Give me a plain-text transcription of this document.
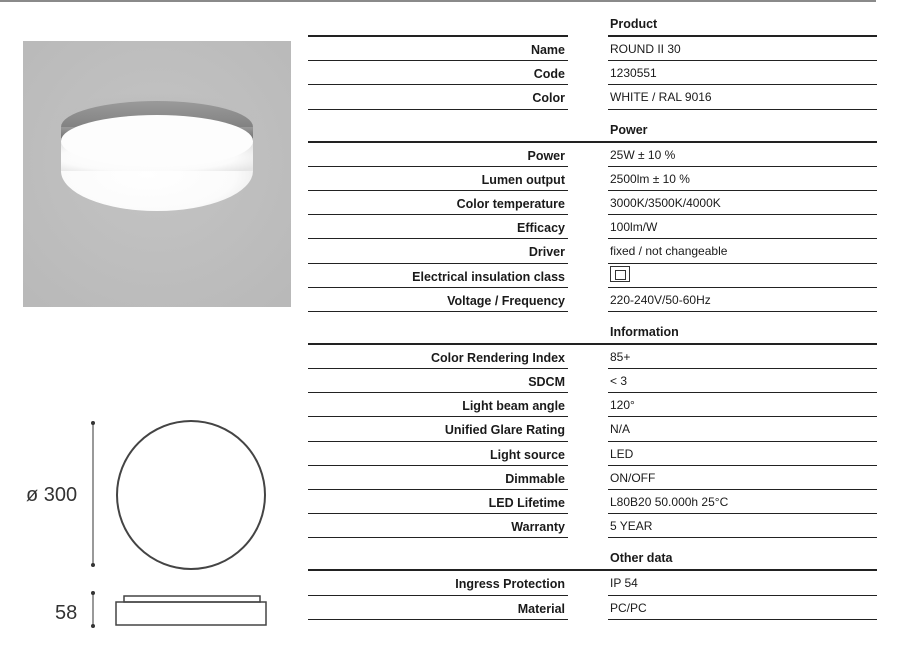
ø 300
58
Product
Name	ROUND II 30
Code	1230551
Color	WHITE / RAL 9016
Power
Power	25W ± 10 %
Lumen output	2500lm ± 10 %
Color temperature	3000K/3500K/4000K
Efficacy	100lm/W
Driver	fixed / not changeable
Electrical insulation class
Voltage / Frequency	220-240V/50-60Hz
Information
Color Rendering Index	85+
SDCM	< 3
Light beam angle	120°
Unified Glare Rating	N/A
Light source	LED
Dimmable	ON/OFF
LED Lifetime	L80B20 50.000h 25°C
Warranty	5 YEAR
Other data
Ingress Protection	IP 54
Material	PC/PC
